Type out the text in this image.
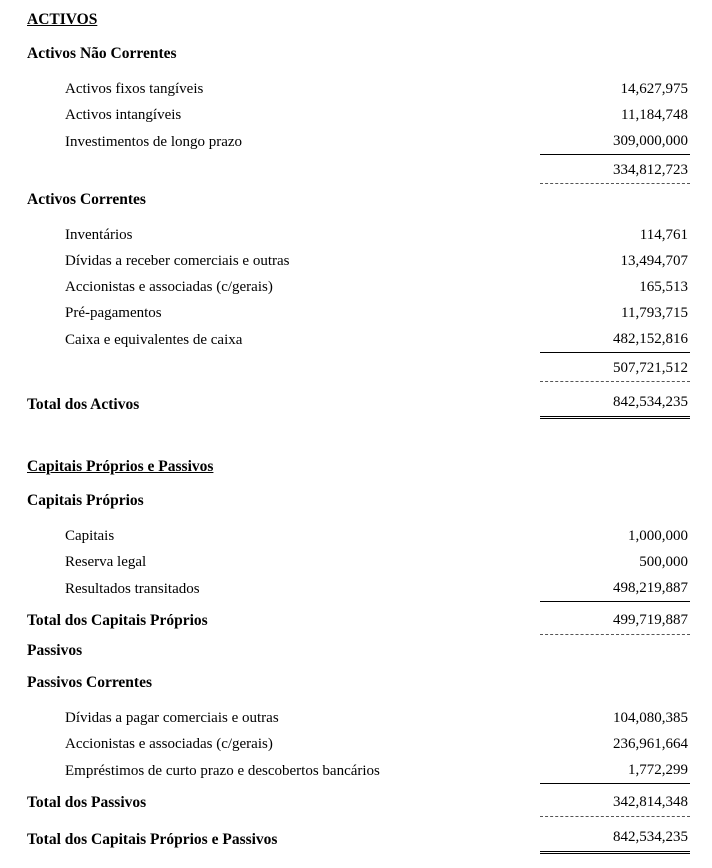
ACTIVOS
Activos Não Correntes
Activos fixos tangíveis	14,627,975
Activos intangíveis	11,184,748
Investimentos de longo prazo	309,000,000
334,812,723
Activos Correntes
Inventários	114,761
Dívidas a receber comerciais e outras	13,494,707
Accionistas e associadas (c/gerais)	165,513
Pré-pagamentos	11,793,715
Caixa e equivalentes de caixa	482,152,816
507,721,512
Total dos Activos	842,534,235
Capitais Próprios e Passivos
Capitais Próprios
Capitais	1,000,000
Reserva legal	500,000
Resultados transitados	498,219,887
Total dos Capitais Próprios	499,719,887
Passivos
Passivos Correntes
Dívidas a pagar comerciais e outras	104,080,385
Accionistas e associadas (c/gerais)	236,961,664
Empréstimos de curto prazo e descobertos bancários	1,772,299
Total dos Passivos	342,814,348
Total dos Capitais Próprios e Passivos	842,534,235
